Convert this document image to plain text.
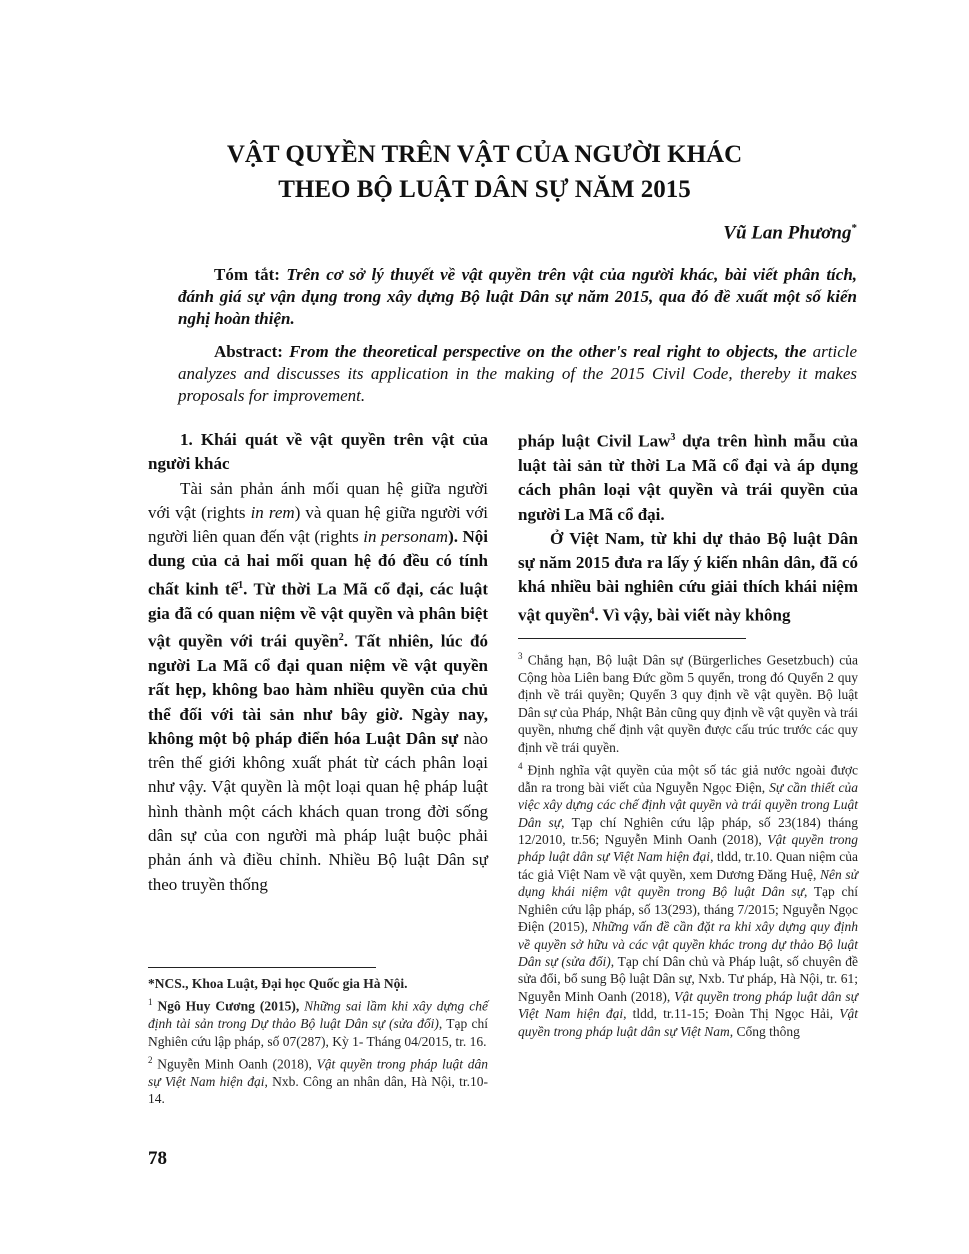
VẬT QUYỀN TRÊN VẬT CỦA NGƯỜI KHÁC
THEO BỘ LUẬT DÂN SỰ NĂM 2015
Vũ Lan Phương*
Tóm tắt: Trên cơ sở lý thuyết về vật quyền trên vật của người khác, bài viết phân tích, đánh giá sự vận dụng trong xây dựng Bộ luật Dân sự năm 2015, qua đó đề xuất một số kiến nghị hoàn thiện.
Abstract: From the theoretical perspective on the other's real right to objects, the article analyzes and discusses its application in the making of the 2015 Civil Code, thereby it makes proposals for improvement.

1. Khái quát về vật quyền trên vật của người khác

Tài sản phản ánh mối quan hệ giữa người với vật (rights in rem) và quan hệ giữa người với người liên quan đến vật (rights in personam). Nội dung của cả hai mối quan hệ đó đều có tính chất kinh tế$^1$. Từ thời La Mã cổ đại, các luật gia đã có quan niệm về vật quyền và phân biệt vật quyền với trái quyền$^2$. Tất nhiên, lúc đó người La Mã cổ đại quan niệm về vật quyền rất hẹp, không bao hàm nhiều quyền của chủ thể đối với tài sản như bây giờ. Ngày nay, không một bộ pháp điển hóa Luật Dân sự nào trên thế giới không xuất phát từ cách phân loại như vậy. Vật quyền là một loại quan hệ pháp luật hình thành một cách khách quan trong đời sống dân sự của con người mà pháp luật buộc phải phản ánh và điều chỉnh. Nhiều Bộ luật Dân sự theo truyền thống

pháp luật Civil Law$^3$ dựa trên hình mẫu của luật tài sản từ thời La Mã cổ đại và áp dụng cách phân loại vật quyền và trái quyền của người La Mã cổ đại.

Ở Việt Nam, từ khi dự thảo Bộ luật Dân sự năm 2015 đưa ra lấy ý kiến nhân dân, đã có khá nhiều bài nghiên cứu giải thích khái niệm vật quyền$^4$. Vì vậy, bài viết này không

*NCS., Khoa Luật, Đại học Quốc gia Hà Nội.

$^1$ Ngô Huy Cương (2015), Những sai lầm khi xây dựng chế định tài sản trong Dự thảo Bộ luật Dân sự (sửa đổi), Tạp chí Nghiên cứu lập pháp, số 07(287), Kỳ 1- Tháng 04/2015, tr. 16.

$^2$ Nguyễn Minh Oanh (2018), Vật quyền trong pháp luật dân sự Việt Nam hiện đại, Nxb. Công an nhân dân, Hà Nội, tr.10-14.

$^3$ Chẳng hạn, Bộ luật Dân sự (Bürgerliches Gesetzbuch) của Cộng hòa Liên bang Đức gồm 5 quyển, trong đó Quyển 2 quy định về trái quyền; Quyển 3 quy định về vật quyền. Bộ luật Dân sự của Pháp, Nhật Bản cũng quy định về vật quyền và trái quyền, nhưng chế định vật quyền được cấu trúc trước các quy định về trái quyền.

$^4$ Định nghĩa vật quyền của một số tác giả nước ngoài được dẫn ra trong bài viết của Nguyễn Ngọc Điện, Sự cần thiết của việc xây dựng các chế định vật quyền và trái quyền trong Luật Dân sự, Tạp chí Nghiên cứu lập pháp, số 23(184) tháng 12/2010, tr.56; Nguyễn Minh Oanh (2018), Vật quyền trong pháp luật dân sự Việt Nam hiện đại, tldd, tr.10. Quan niệm của tác giả Việt Nam về vật quyền, xem Dương Đăng Huệ, Nên sử dụng khái niệm vật quyền trong Bộ luật Dân sự, Tạp chí Nghiên cứu lập pháp, số 13(293), tháng 7/2015; Nguyễn Ngọc Điện (2015), Những vấn đề cần đặt ra khi xây dựng quy định về quyền sở hữu và các vật quyền khác trong dự thảo Bộ luật Dân sự (sửa đổi), Tạp chí Dân chủ và Pháp luật, số chuyên đề sửa đổi, bổ sung Bộ luật Dân sự, Nxb. Tư pháp, Hà Nội, tr. 61; Nguyễn Minh Oanh (2018), Vật quyền trong pháp luật dân sự Việt Nam hiện đại, tldd, tr.11-15; Đoàn Thị Ngọc Hải, Vật quyền trong pháp luật dân sự Việt Nam, Cổng thông

78
